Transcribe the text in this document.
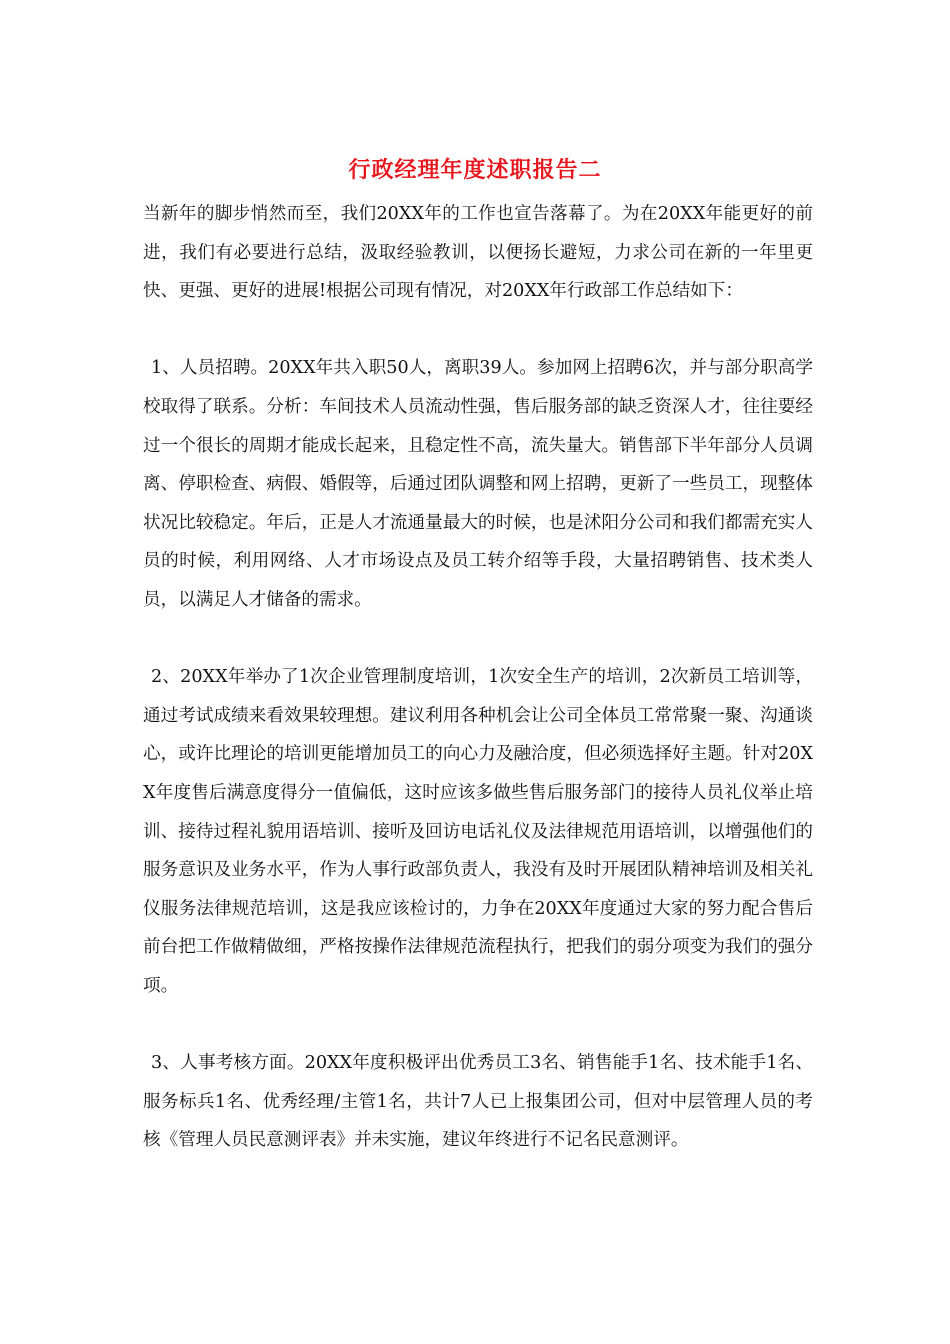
行政经理年度述职报告二

当新年的脚步悄然而至，我们20XX年的工作也宣告落幕了。为在20XX年能更好的前进，我们有必要进行总结，汲取经验教训，以便扬长避短，力求公司在新的一年里更快、更强、更好的进展!根据公司现有情况，对20XX年行政部工作总结如下：

1、人员招聘。20XX年共入职50人，离职39人。参加网上招聘6次，并与部分职高学校取得了联系。分析：车间技术人员流动性强，售后服务部的缺乏资深人才，往往要经过一个很长的周期才能成长起来，且稳定性不高，流失量大。销售部下半年部分人员调离、停职检查、病假、婚假等，后通过团队调整和网上招聘，更新了一些员工，现整体状况比较稳定。年后，正是人才流通量最大的时候，也是沭阳分公司和我们都需充实人员的时候，利用网络、人才市场设点及员工转介绍等手段，大量招聘销售、技术类人员，以满足人才储备的需求。

2、20XX年举办了1次企业管理制度培训，1次安全生产的培训，2次新员工培训等，通过考试成绩来看效果较理想。建议利用各种机会让公司全体员工常常聚一聚、沟通谈心，或许比理论的培训更能增加员工的向心力及融洽度，但必须选择好主题。针对20XX年度售后满意度得分一值偏低，这时应该多做些售后服务部门的接待人员礼仪举止培训、接待过程礼貌用语培训、接听及回访电话礼仪及法律规范用语培训，以增强他们的服务意识及业务水平，作为人事行政部负责人，我没有及时开展团队精神培训及相关礼仪服务法律规范培训，这是我应该检讨的，力争在20XX年度通过大家的努力配合售后前台把工作做精做细，严格按操作法律规范流程执行，把我们的弱分项变为我们的强分项。

3、人事考核方面。20XX年度积极评出优秀员工3名、销售能手1名、技术能手1名、服务标兵1名、优秀经理/主管1名，共计7人已上报集团公司，但对中层管理人员的考核《管理人员民意测评表》并未实施，建议年终进行不记名民意测评。
